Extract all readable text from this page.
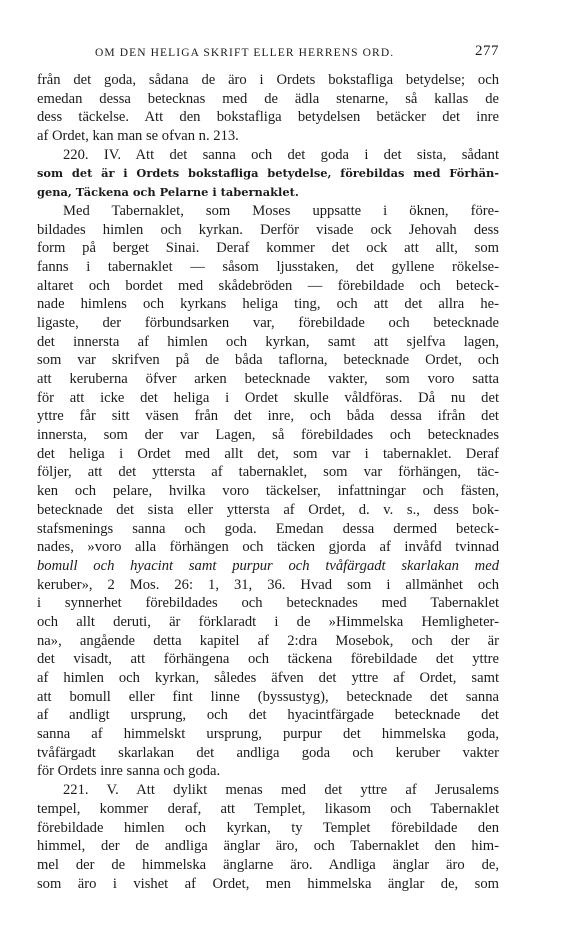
OM DEN HELIGA SKRIFT ELLER HERRENS ORD.	277
från det goda, sådana de äro i Ordets bokstafliga betydelse; och
emedan dessa betecknas med de ädla stenarne, så kallas de
dess täckelse. Att den bokstafliga betydelsen betäcker det inre
af Ordet, kan man se ofvan n. 213.
220. IV. Att det sanna och det goda i det sista, sådant
som det är i Ordets bokstafliga betydelse, förebildas med Förhän-
gena, Täckena och Pelarne i tabernaklet.
Med Tabernaklet, som Moses uppsatte i öknen, före-
bildades himlen och kyrkan. Derför visade ock Jehovah dess
form på berget Sinai. Deraf kommer det ock att allt, som
fanns i tabernaklet — såsom ljusstaken, det gyllene rökelse-
altaret och bordet med skådebröden — förebildade och beteck-
nade himlens och kyrkans heliga ting, och att det allra he-
ligaste, der förbundsarken var, förebildade och betecknade
det innersta af himlen och kyrkan, samt att sjelfva lagen,
som var skrifven på de båda taflorna, betecknade Ordet, och
att keruberna öfver arken betecknade vakter, som voro satta
för att icke det heliga i Ordet skulle våldföras. Då nu det
yttre får sitt väsen från det inre, och båda dessa ifrån det
innersta, som der var Lagen, så förebildades och betecknades
det heliga i Ordet med allt det, som var i tabernaklet. Deraf
följer, att det yttersta af tabernaklet, som var förhängen, täc-
ken och pelare, hvilka voro täckelser, infattningar och fästen,
betecknade det sista eller yttersta af Ordet, d. v. s., dess bok-
stafsmenings sanna och goda. Emedan dessa dermed beteck-
nades, »voro alla förhängen och täcken gjorda af invåfd tvinnad
bomull och hyacint samt purpur och tvåfärgadt skarlakan med
keruber», 2 Mos. 26: 1, 31, 36. Hvad som i allmänhet och
i synnerhet förebildades och betecknades med Tabernaklet
och allt deruti, är förklaradt i de »Himmelska Hemligheter-
na», angående detta kapitel af 2:dra Mosebok, och der är
det visadt, att förhängena och täckena förebildade det yttre
af himlen och kyrkan, således äfven det yttre af Ordet, samt
att bomull eller fint linne (byssustyg), betecknade det sanna
af andligt ursprung, och det hyacintfärgade betecknade det
sanna af himmelskt ursprung, purpur det himmelska goda,
tvåfärgadt skarlakan det andliga goda och keruber vakter
för Ordets inre sanna och goda.
221. V. Att dylikt menas med det yttre af Jerusalems
tempel, kommer deraf, att Templet, likasom och Tabernaklet
förebildade himlen och kyrkan, ty Templet förebildade den
himmel, der de andliga änglar äro, och Tabernaklet den him-
mel der de himmelska änglarne äro. Andliga änglar äro de,
som äro i vishet af Ordet, men himmelska änglar de, som
